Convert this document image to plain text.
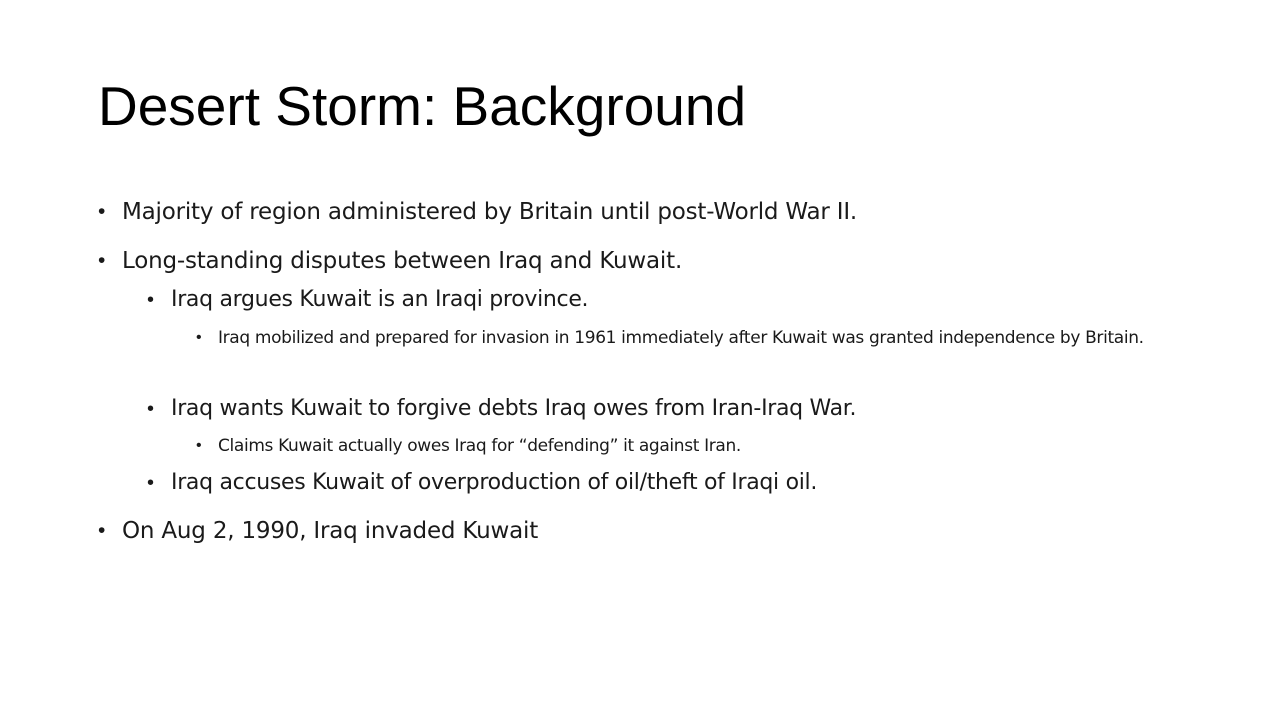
Desert Storm: Background
• Majority of region administered by Britain until post-World War II.
• Long-standing disputes between Iraq and Kuwait.
• Iraq argues Kuwait is an Iraqi province.
• Iraq mobilized and prepared for invasion in 1961 immediately after Kuwait was granted independence by Britain.
• Iraq wants Kuwait to forgive debts Iraq owes from Iran-Iraq War.
• Claims Kuwait actually owes Iraq for “defending” it against Iran.
• Iraq accuses Kuwait of overproduction of oil/theft of Iraqi oil.
• On Aug 2, 1990, Iraq invaded Kuwait
